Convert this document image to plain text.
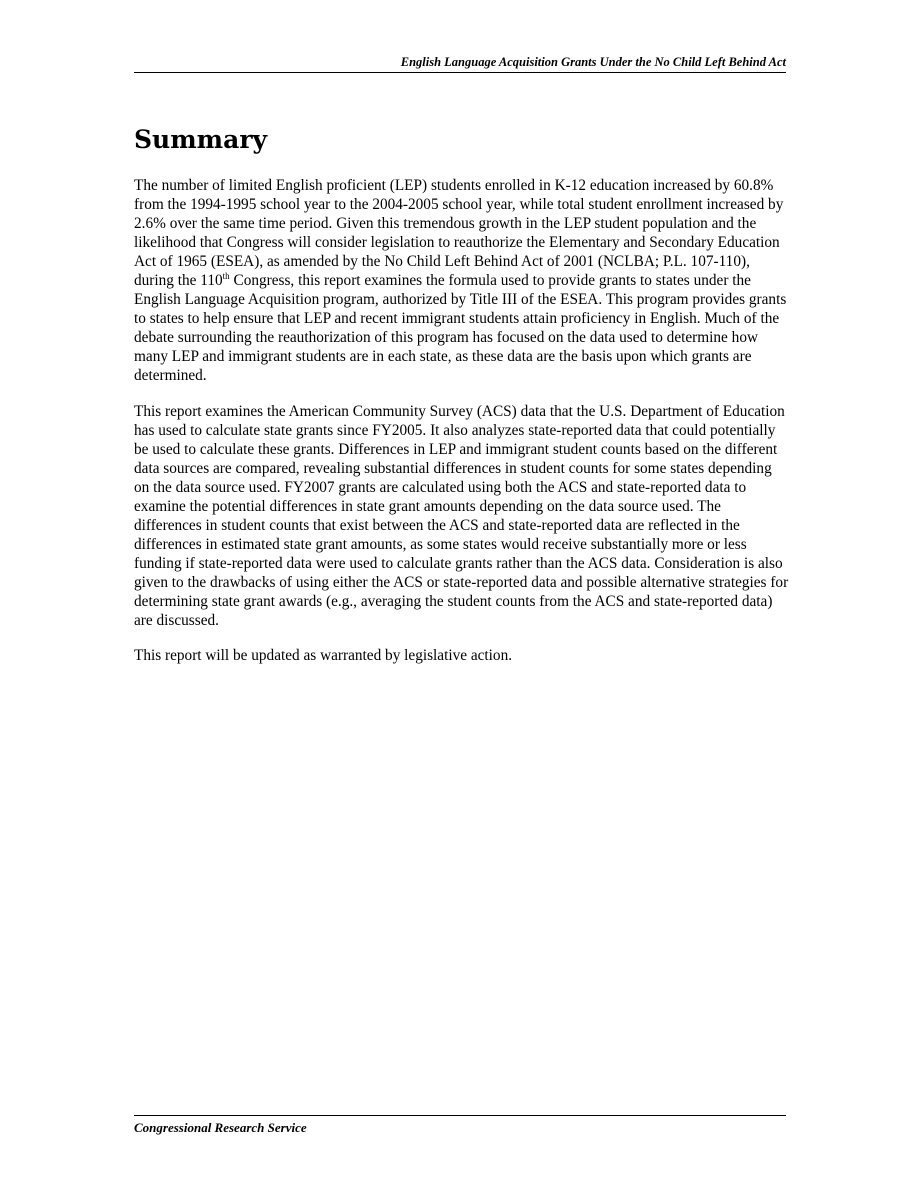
English Language Acquisition Grants Under the No Child Left Behind Act
Summary

The number of limited English proficient (LEP) students enrolled in K-12 education increased by 60.8% from the 1994-1995 school year to the 2004-2005 school year, while total student enrollment increased by 2.6% over the same time period. Given this tremendous growth in the LEP student population and the likelihood that Congress will consider legislation to reauthorize the Elementary and Secondary Education Act of 1965 (ESEA), as amended by the No Child Left Behind Act of 2001 (NCLBA; P.L. 107-110), during the 110th Congress, this report examines the formula used to provide grants to states under the English Language Acquisition program, authorized by Title III of the ESEA. This program provides grants to states to help ensure that LEP and recent immigrant students attain proficiency in English. Much of the debate surrounding the reauthorization of this program has focused on the data used to determine how many LEP and immigrant students are in each state, as these data are the basis upon which grants are determined.

This report examines the American Community Survey (ACS) data that the U.S. Department of Education has used to calculate state grants since FY2005. It also analyzes state-reported data that could potentially be used to calculate these grants. Differences in LEP and immigrant student counts based on the different data sources are compared, revealing substantial differences in student counts for some states depending on the data source used. FY2007 grants are calculated using both the ACS and state-reported data to examine the potential differences in state grant amounts depending on the data source used. The differences in student counts that exist between the ACS and state-reported data are reflected in the differences in estimated state grant amounts, as some states would receive substantially more or less funding if state-reported data were used to calculate grants rather than the ACS data. Consideration is also given to the drawbacks of using either the ACS or state-reported data and possible alternative strategies for determining state grant awards (e.g., averaging the student counts from the ACS and state-reported data) are discussed.

This report will be updated as warranted by legislative action.

Congressional Research Service
